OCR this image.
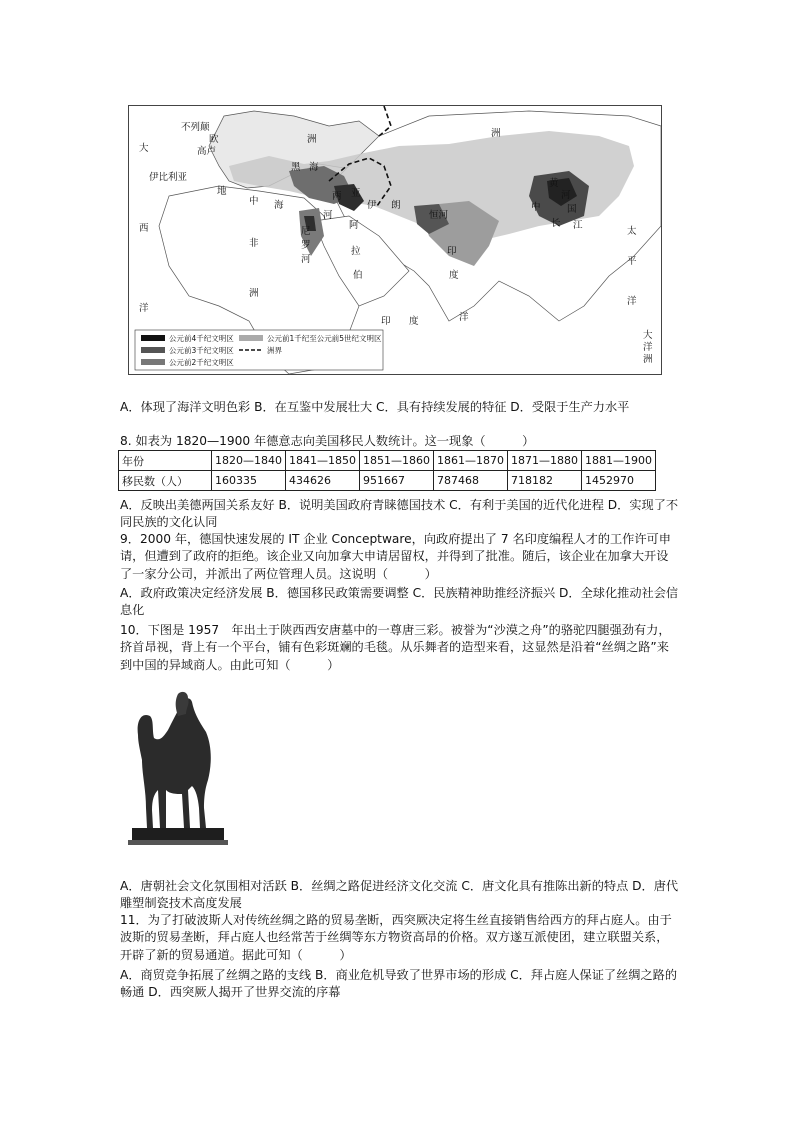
大
西
洋
不列颠
欧
高卢
伊比利亚
地
中 海
非
洲
洲
黑 海
亚
两
河
伊 朗
尼
罗
河
阿
拉
伯
印
度
印 度	洋
洲
黄
河
中	国
长 江
太
平
洋
大
洋
洲
恒河
公元前4千纪文明区	公元前1千纪至公元前5世纪文明区
公元前3千纪文明区	洲界
公元前2千纪文明区

A．体现了海洋文明色彩 B．在互鉴中发展壮大 C．具有持续发展的特征 D．受限于生产力水平

8. 如表为 1820—1900 年德意志向美国移民人数统计。这一现象（　　　）

年份	1820—1840	1841—1850	1851—1860	1861—1870	1871—1880	1881—1900
移民数（人）	160335	434626	951667	787468	718182	1452970

A．反映出美德两国关系友好 B．说明美国政府青睐德国技术 C．有利于美国的近代化进程 D．实现了不同民族的文化认同

9．2000 年，德国快速发展的 IT 企业 Conceptware，向政府提出了 7 名印度编程人才的工作许可申请，但遭到了政府的拒绝。该企业又向加拿大申请居留权，并得到了批准。随后，该企业在加拿大开设了一家分公司，并派出了两位管理人员。这说明（　　　）

A．政府政策决定经济发展 B．德国移民政策需要调整 C．民族精神助推经济振兴 D．全球化推动社会信息化

10．下图是 1957　年出土于陕西西安唐墓中的一尊唐三彩。被誉为“沙漠之舟”的骆驼四腿强劲有力，挤首昂视，背上有一个平台，铺有色彩斑斓的毛毯。从乐舞者的造型来看，这显然是沿着“丝绸之路”来到中国的异域商人。由此可知（　　　）

A．唐朝社会文化氛围相对活跃 B．丝绸之路促进经济文化交流 C．唐文化具有推陈出新的特点 D．唐代雕塑制瓷技术高度发展

11．为了打破波斯人对传统丝绸之路的贸易垄断，西突厥决定将生丝直接销售给西方的拜占庭人。由于波斯的贸易垄断，拜占庭人也经常苦于丝绸等东方物资高昂的价格。双方遂互派使团，建立联盟关系，开辟了新的贸易通道。据此可知（　　　）

A．商贸竞争拓展了丝绸之路的支线 B．商业危机导致了世界市场的形成 C．拜占庭人保证了丝绸之路的畅通 D．西突厥人揭开了世界交流的序幕
